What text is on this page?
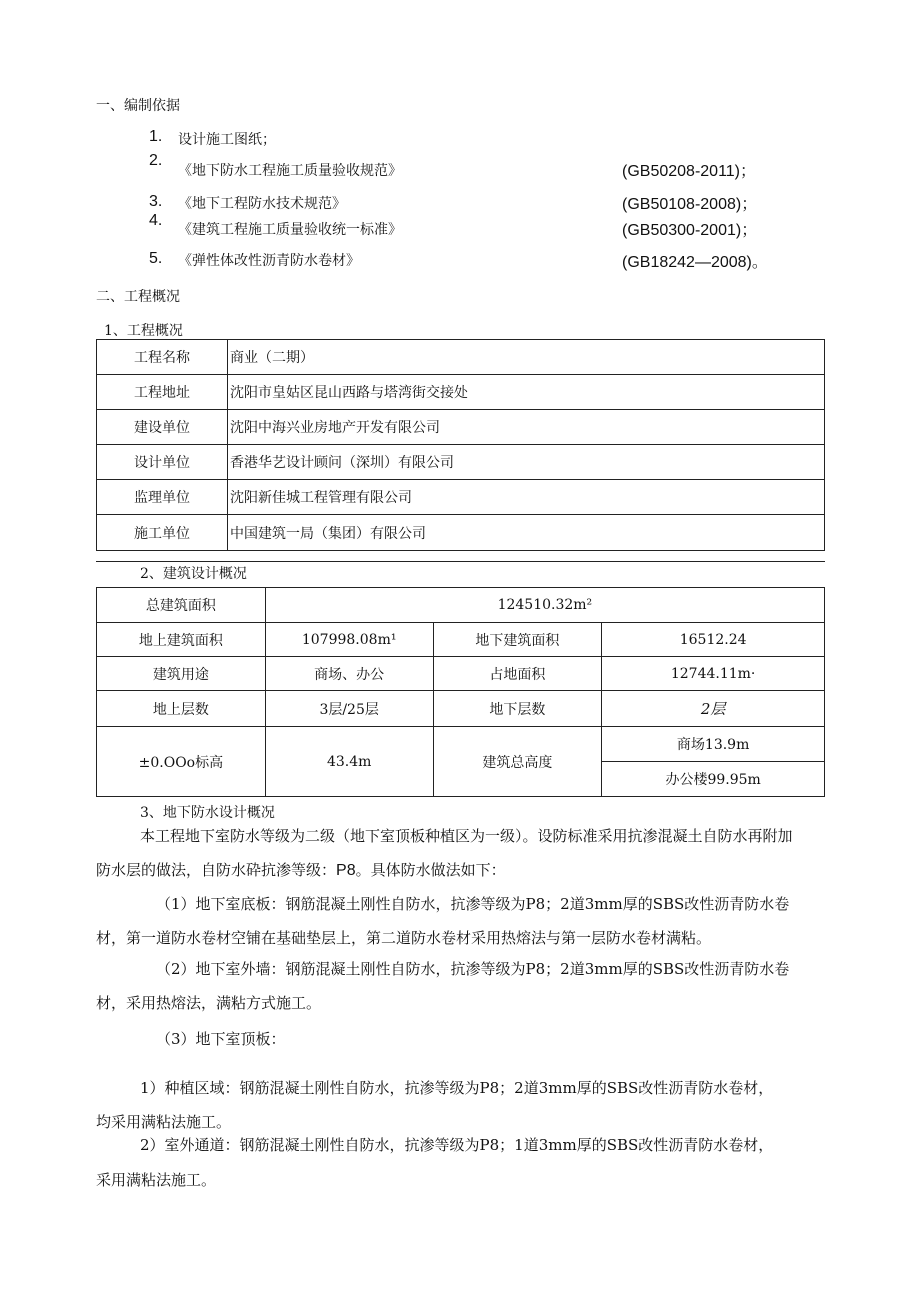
一、编制依据
1. 设计施工图纸；
2.
《地下防水工程施工质量验收规范》	(GB50208-2011)；
3. 《地下工程防水技术规范》	(GB50108-2008)；
4.
《建筑工程施工质量验收统一标准》	(GB50300-2001)；
5. 《弹性体改性沥青防水卷材》	(GB18242—2008)。
二、工程概况
1、工程概况
工程名称	商业（二期）
工程地址	沈阳市皇姑区昆山西路与塔湾街交接处
建设单位	沈阳中海兴业房地产开发有限公司
设计单位	香港华艺设计顾问（深圳）有限公司
监理单位	沈阳新佳城工程管理有限公司
施工单位	中国建筑一局（集团）有限公司
2、建筑设计概况
总建筑面积	124510.32m²		
地上建筑面积	107998.08m¹	地下建筑面积	16512.24
建筑用途	商场、办公	占地面积	12744.11m·
地上层数	3层/25层	地下层数	2层
±0.OOo标高	43.4m	建筑总高度	商场13.9m
			办公楼99.95m
3、地下防水设计概况
本工程地下室防水等级为二级（地下室顶板种植区为一级）。设防标准采用抗渗混凝土自防水再附加
防水层的做法，自防水砕抗渗等级：P8。具体防水做法如下：
（1）地下室底板：钢筋混凝土刚性自防水，抗渗等级为P8；2道3mm厚的SBS改性沥青防水卷
材，第一道防水卷材空铺在基础垫层上，第二道防水卷材采用热熔法与第一层防水卷材满粘。
（2）地下室外墙：钢筋混凝土刚性自防水，抗渗等级为P8；2道3mm厚的SBS改性沥青防水卷
材，采用热熔法，满粘方式施工。
（3）地下室顶板：
1）种植区域：钢筋混凝土刚性自防水，抗渗等级为P8；2道3mm厚的SBS改性沥青防水卷材，
均采用满粘法施工。
2）室外通道：钢筋混凝土刚性自防水，抗渗等级为P8；1道3mm厚的SBS改性沥青防水卷材，
采用满粘法施工。
